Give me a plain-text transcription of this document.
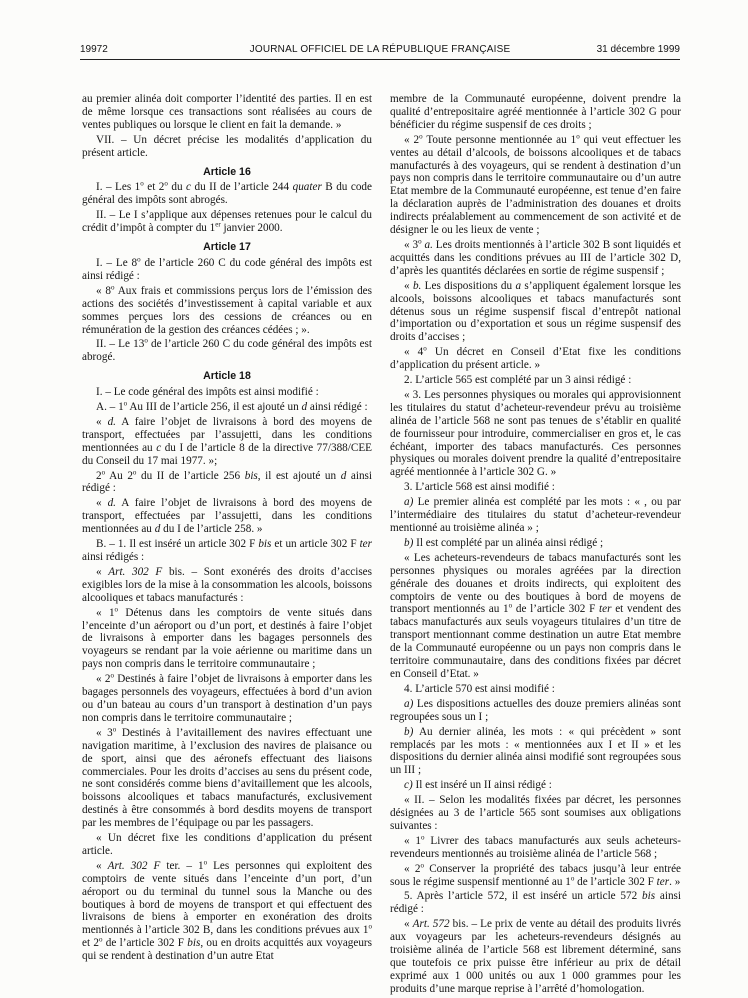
JOURNAL OFFICIEL DE LA RÉPUBLIQUE FRANÇAISE
19972	31 décembre 1999

au premier alinéa doit comporter l’identité des parties. Il en est de même lorsque ces transactions sont réalisées au cours de ventes publiques ou lorsque le client en fait la demande. »

VII. – Un décret précise les modalités d’application du présent article.

Article 16

I. – Les 1$^o$ et 2$^o$ du c du II de l’article 244 quater B du code général des impôts sont abrogés.

II. – Le I s’applique aux dépenses retenues pour le calcul du crédit d’impôt à compter du 1er janvier 2000.

Article 17

I. – Le 8$^o$ de l’article 260 C du code général des impôts est ainsi rédigé :

« 8$^o$ Aux frais et commissions perçus lors de l’émission des actions des sociétés d’investissement à capital variable et aux sommes perçues lors des cessions de créances ou en rémunération de la gestion des créances cédées ; ».

II. – Le 13$^o$ de l’article 260 C du code général des impôts est abrogé.

Article 18

I. – Le code général des impôts est ainsi modifié :

A. – 1$^o$ Au III de l’article 256, il est ajouté un d ainsi rédigé :

« d. A faire l’objet de livraisons à bord des moyens de transport, effectuées par l’assujetti, dans les conditions mentionnées au c du I de l’article 8 de la directive 77/388/CEE du Conseil du 17 mai 1977. »;

2$^o$ Au 2$^o$ du II de l’article 256 bis, il est ajouté un d ainsi rédigé :

« d. A faire l’objet de livraisons à bord des moyens de transport, effectuées par l’assujetti, dans les conditions mentionnées au d du I de l’article 258. »

B. – 1. Il est inséré un article 302 F bis et un article 302 F ter ainsi rédigés :

« Art. 302 F bis. – Sont exonérés des droits d’accises exigibles lors de la mise à la consommation les alcools, boissons alcooliques et tabacs manufacturés :

« 1$^o$ Détenus dans les comptoirs de vente situés dans l’enceinte d’un aéroport ou d’un port, et destinés à faire l’objet de livraisons à emporter dans les bagages personnels des voyageurs se rendant par la voie aérienne ou maritime dans un pays non compris dans le territoire communautaire ;

« 2$^o$ Destinés à faire l’objet de livraisons à emporter dans les bagages personnels des voyageurs, effectuées à bord d’un avion ou d’un bateau au cours d’un transport à destination d’un pays non compris dans le territoire communautaire ;

« 3$^o$ Destinés à l’avitaillement des navires effectuant une navigation maritime, à l’exclusion des navires de plaisance ou de sport, ainsi que des aéronefs effectuant des liaisons commerciales. Pour les droits d’accises au sens du présent code, ne sont considérés comme biens d’avitaillement que les alcools, boissons alcooliques et tabacs manufacturés, exclusivement destinés à être consommés à bord desdits moyens de transport par les membres de l’équipage ou par les passagers.

« Un décret fixe les conditions d’application du présent article.

« Art. 302 F ter. – 1$^o$ Les personnes qui exploitent des comptoirs de vente situés dans l’enceinte d’un port, d’un aéroport ou du terminal du tunnel sous la Manche ou des boutiques à bord de moyens de transport et qui effectuent des livraisons de biens à emporter en exonération des droits mentionnés à l’article 302 B, dans les conditions prévues aux 1$^o$ et 2$^o$ de l’article 302 F bis, ou en droits acquittés aux voyageurs qui se rendent à destination d’un autre Etat

membre de la Communauté européenne, doivent prendre la qualité d’entrepositaire agréé mentionnée à l’article 302 G pour bénéficier du régime suspensif de ces droits ;

« 2$^o$ Toute personne mentionnée au 1$^o$ qui veut effectuer les ventes au détail d’alcools, de boissons alcooliques et de tabacs manufacturés à des voyageurs, qui se rendent à destination d’un pays non compris dans le territoire communautaire ou d’un autre Etat membre de la Communauté européenne, est tenue d’en faire la déclaration auprès de l’administration des douanes et droits indirects préalablement au commencement de son activité et de désigner le ou les lieux de vente ;

« 3$^o$ a. Les droits mentionnés à l’article 302 B sont liquidés et acquittés dans les conditions prévues au III de l’article 302 D, d’après les quantités déclarées en sortie de régime suspensif ;

« b. Les dispositions du a s’appliquent également lorsque les alcools, boissons alcooliques et tabacs manufacturés sont détenus sous un régime suspensif fiscal d’entrepôt national d’importation ou d’exportation et sous un régime suspensif des droits d’accises ;

« 4$^o$ Un décret en Conseil d’Etat fixe les conditions d’application du présent article. »

2. L’article 565 est complété par un 3 ainsi rédigé :

« 3. Les personnes physiques ou morales qui approvisionnent les titulaires du statut d’acheteur-revendeur prévu au troisième alinéa de l’article 568 ne sont pas tenues de s’établir en qualité de fournisseur pour introduire, commercialiser en gros et, le cas échéant, importer des tabacs manufacturés. Ces personnes physiques ou morales doivent prendre la qualité d’entrepositaire agréé mentionnée à l’article 302 G. »

3. L’article 568 est ainsi modifié :

a) Le premier alinéa est complété par les mots : « , ou par l’intermédiaire des titulaires du statut d’acheteur-revendeur mentionné au troisième alinéa » ;

b) Il est complété par un alinéa ainsi rédigé ;

« Les acheteurs-revendeurs de tabacs manufacturés sont les personnes physiques ou morales agréées par la direction générale des douanes et droits indirects, qui exploitent des comptoirs de vente ou des boutiques à bord de moyens de transport mentionnés au 1$^o$ de l’article 302 F ter et vendent des tabacs manufacturés aux seuls voyageurs titulaires d’un titre de transport mentionnant comme destination un autre Etat membre de la Communauté européenne ou un pays non compris dans le territoire communautaire, dans des conditions fixées par décret en Conseil d’Etat. »

4. L’article 570 est ainsi modifié :

a) Les dispositions actuelles des douze premiers alinéas sont regroupées sous un I ;

b) Au dernier alinéa, les mots : « qui précèdent » sont remplacés par les mots : « mentionnées aux I et II » et les dispositions du dernier alinéa ainsi modifié sont regroupées sous un III ;

c) Il est inséré un II ainsi rédigé :

« II. – Selon les modalités fixées par décret, les personnes désignées au 3 de l’article 565 sont soumises aux obligations suivantes :

« 1$^o$ Livrer des tabacs manufacturés aux seuls acheteurs-revendeurs mentionnés au troisième alinéa de l’article 568 ;

« 2$^o$ Conserver la propriété des tabacs jusqu’à leur entrée sous le régime suspensif mentionné au 1$^o$ de l’article 302 F ter. »

5. Après l’article 572, il est inséré un article 572 bis ainsi rédigé :

« Art. 572 bis. – Le prix de vente au détail des produits livrés aux voyageurs par les acheteurs-revendeurs désignés au troisième alinéa de l’article 568 est librement déterminé, sans que toutefois ce prix puisse être inférieur au prix de détail exprimé aux 1 000 unités ou aux 1 000 grammes pour les produits d’une marque reprise à l’arrêté d’homologation.
